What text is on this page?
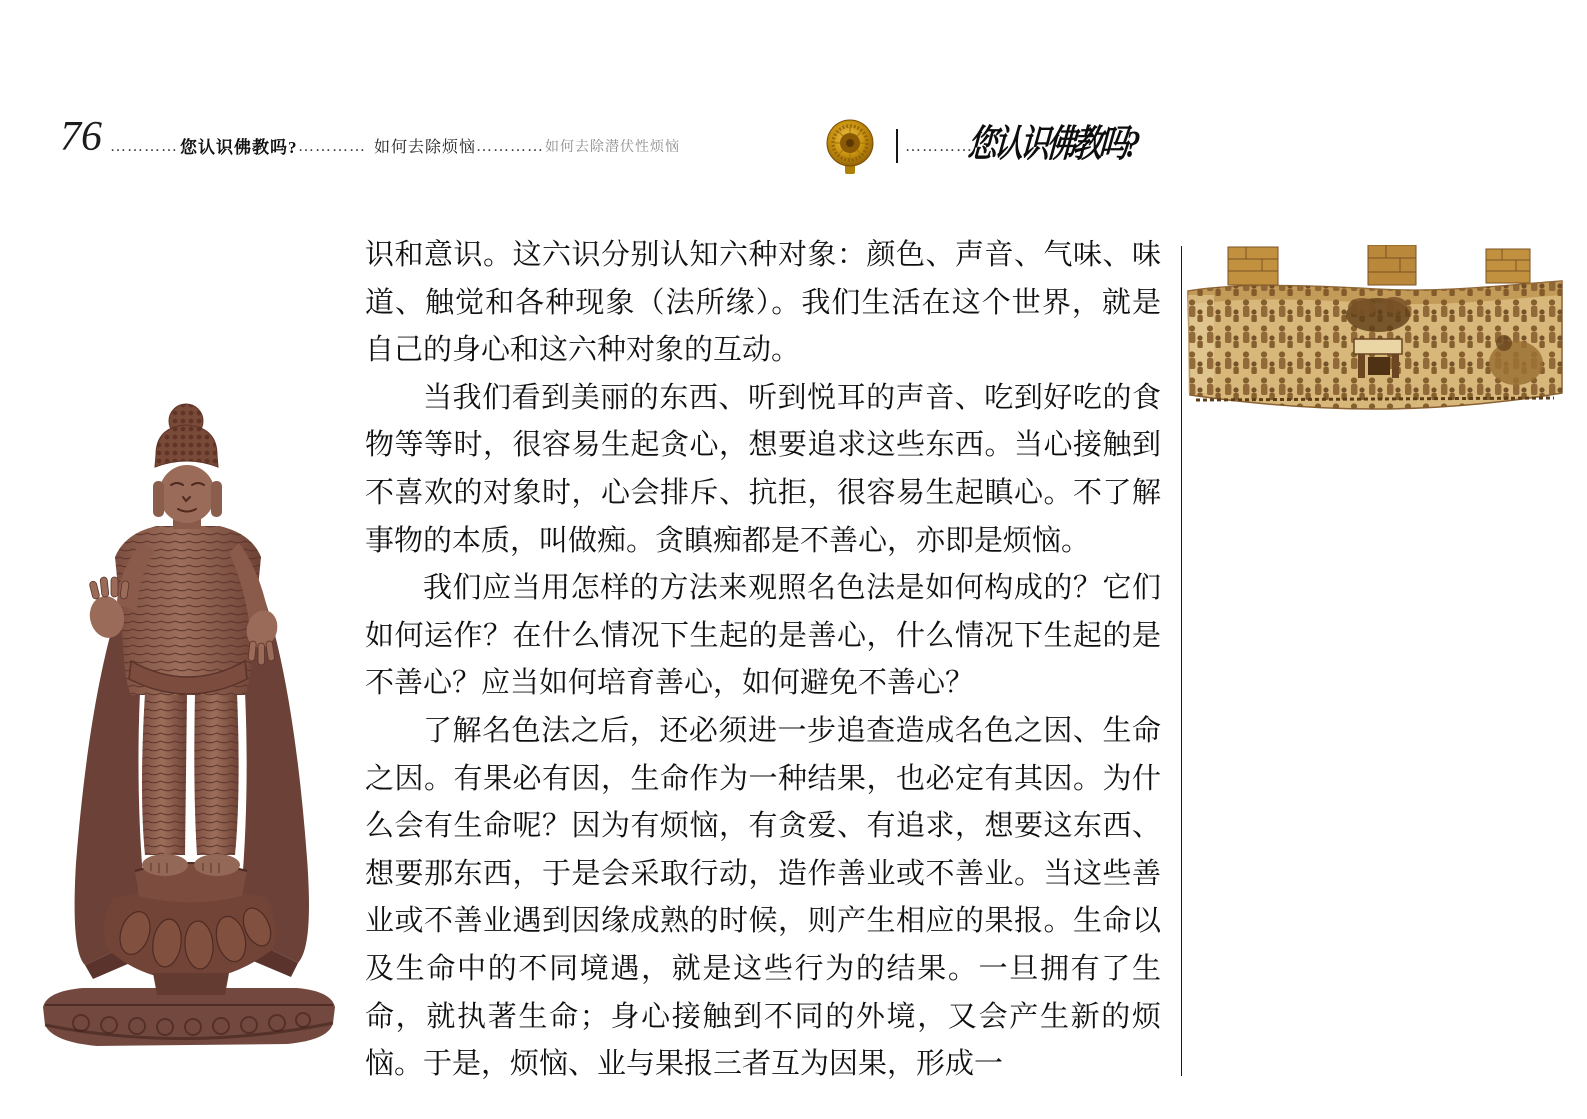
76 ………… 您认识佛教吗? ………… 如何去除烦恼 ………… 如何去除潜伏性烦恼	…………
您认识佛教吗?

识和意识。这六识分别认知六种对象：颜色、声音、气味、味道、触觉和各种现象（法所缘）。我们生活在这个世界，就是自己的身心和这六种对象的互动。

当我们看到美丽的东西、听到悦耳的声音、吃到好吃的食物等等时，很容易生起贪心，想要追求这些东西。当心接触到不喜欢的对象时，心会排斥、抗拒，很容易生起瞋心。不了解事物的本质，叫做痴。贪瞋痴都是不善心，亦即是烦恼。

我们应当用怎样的方法来观照名色法是如何构成的？它们如何运作？在什么情况下生起的是善心，什么情况下生起的是不善心？应当如何培育善心，如何避免不善心？

了解名色法之后，还必须进一步追查造成名色之因、生命之因。有果必有因，生命作为一种结果，也必定有其因。为什么会有生命呢？因为有烦恼，有贪爱、有追求，想要这东西、想要那东西，于是会采取行动，造作善业或不善业。当这些善业或不善业遇到因缘成熟的时候，则产生相应的果报。生命以及生命中的不同境遇，就是这些行为的结果。一旦拥有了生命，就执著生命；身心接触到不同的外境，又会产生新的烦恼。于是，烦恼、业与果报三者互为因果，形成一
